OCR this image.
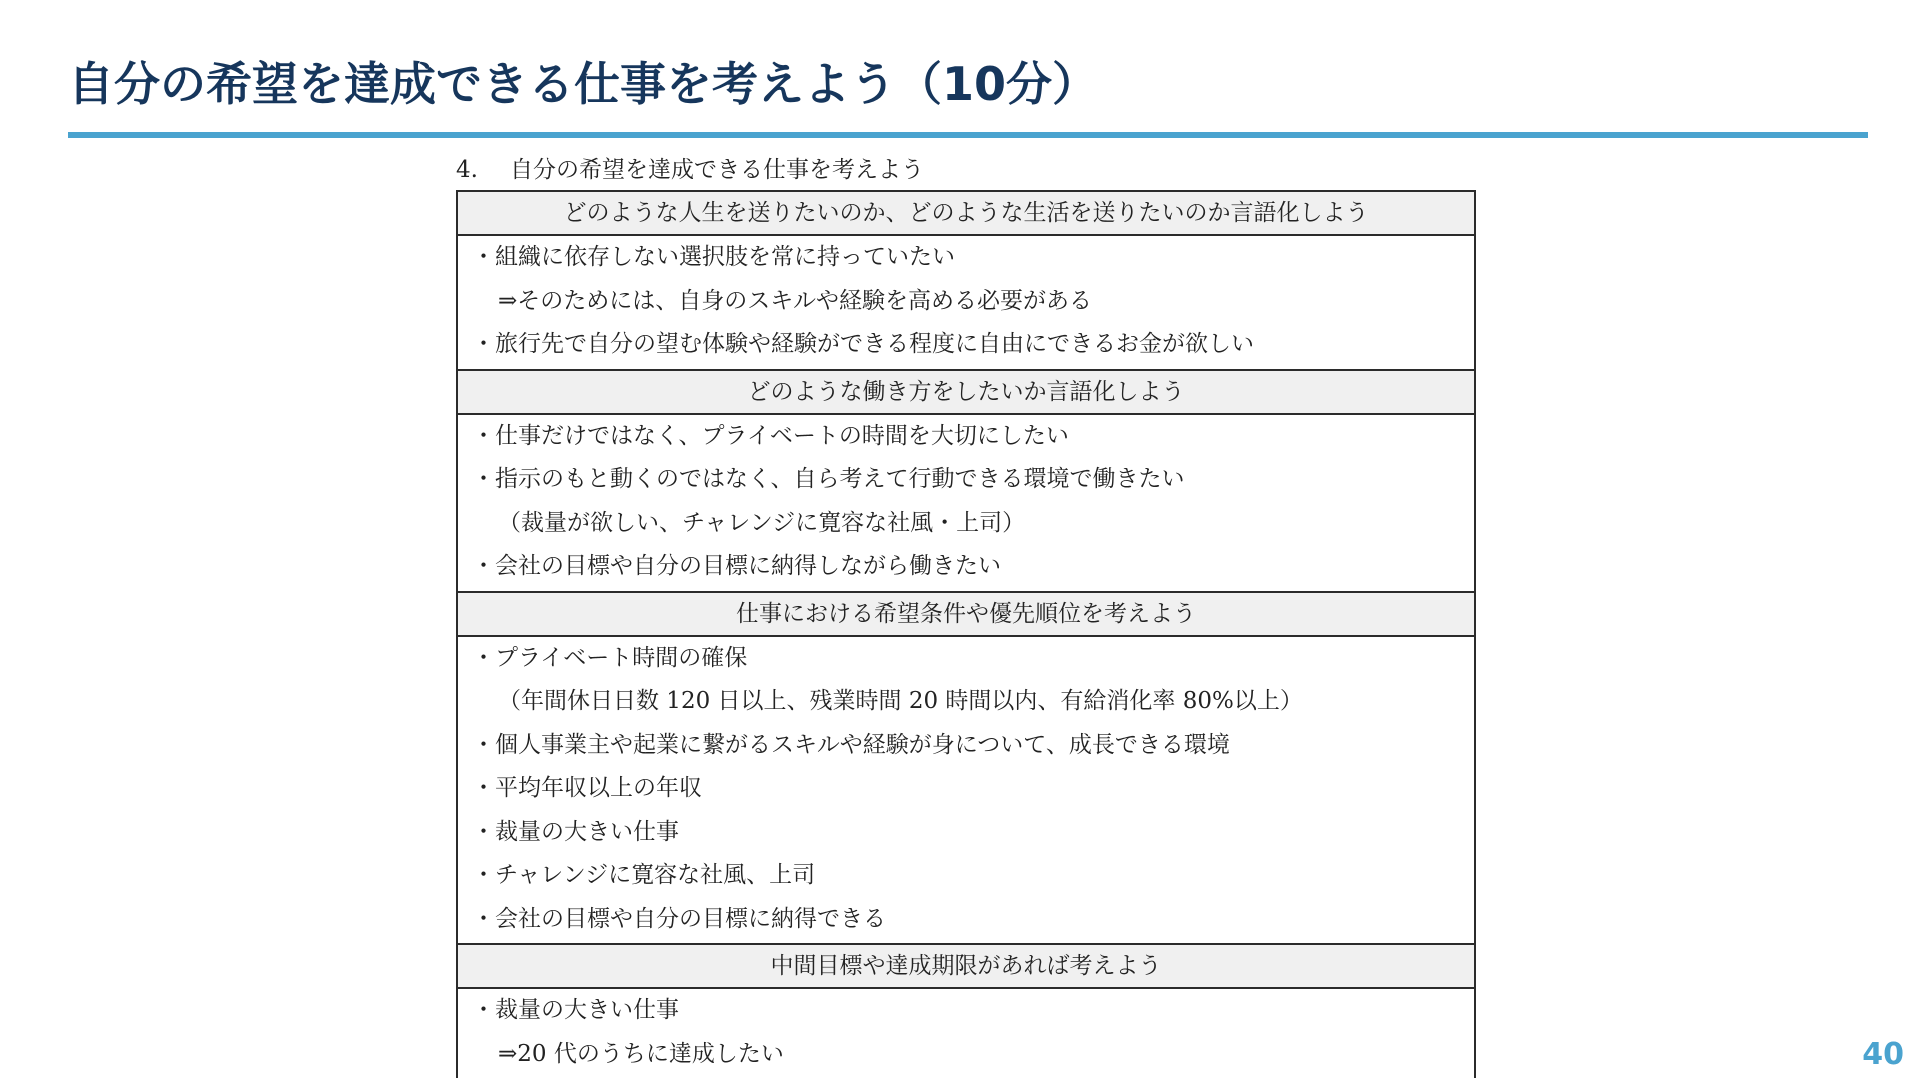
自分の希望を達成できる仕事を考えよう（10分）
4. 自分の希望を達成できる仕事を考えよう
どのような人生を送りたいのか、どのような生活を送りたいのか言語化しよう
・組織に依存しない選択肢を常に持っていたい
⇒そのためには、自身のスキルや経験を高める必要がある
・旅行先で自分の望む体験や経験ができる程度に自由にできるお金が欲しい
どのような働き方をしたいか言語化しよう
・仕事だけではなく、プライベートの時間を大切にしたい
・指示のもと動くのではなく、自ら考えて行動できる環境で働きたい
（裁量が欲しい、チャレンジに寛容な社風・上司）
・会社の目標や自分の目標に納得しながら働きたい
仕事における希望条件や優先順位を考えよう
・プライベート時間の確保
（年間休日日数 120 日以上、残業時間 20 時間以内、有給消化率 80%以上）
・個人事業主や起業に繋がるスキルや経験が身について、成長できる環境
・平均年収以上の年収
・裁量の大きい仕事
・チャレンジに寛容な社風、上司
・会社の目標や自分の目標に納得できる
中間目標や達成期限があれば考えよう
・裁量の大きい仕事
⇒20 代のうちに達成したい	40
